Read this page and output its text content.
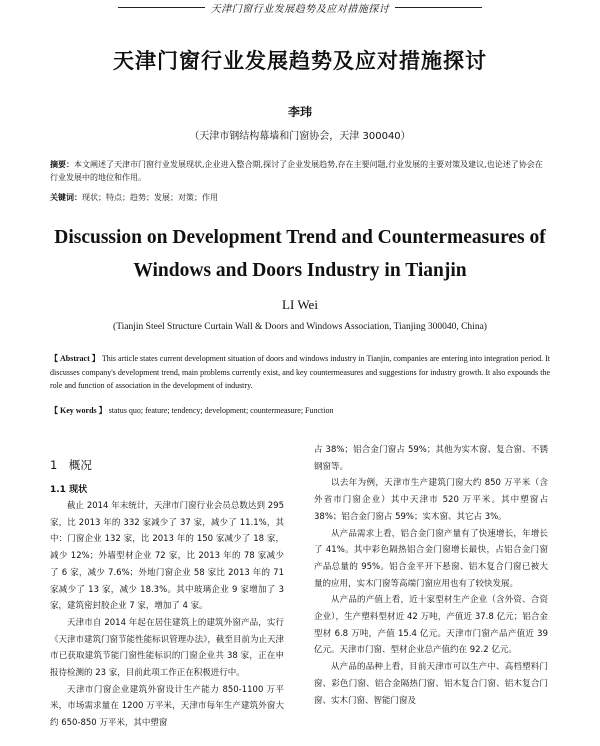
天津门窗行业发展趋势及应对措施探讨
天津门窗行业发展趋势及应对措施探讨
李玮
（天津市钢结构幕墙和门窗协会，天津 300040）
摘要：本文阐述了天津市门窗行业发展现状,企业进入整合期,探讨了企业发展趋势,存在主要问题,行业发展的主要对策及建议,也论述了协会在行业发展中的地位和作用。
关键词：现状；特点；趋势；发展；对策；作用
Discussion on Development Trend and Countermeasures of Windows and Doors Industry in Tianjin
LI Wei
(Tianjin Steel Structure Curtain Wall & Doors and Windows Association, Tianjing 300040, China)
【 Abstract 】 This article states current development situation of doors and windows industry in Tianjin, companies are entering into integration period. It discusses company's development trend, main problems currently exist, and key countermeasures and suggestions for industry growth. It also expounds the role and function of association in the development of industry.
【 Key words 】 status quo; feature; tendency; development; countermeasure; Function
1　概况
1.1 现状

截止 2014 年末统计，天津市门窗行业会员总数达到 295 家，比 2013 年的 332 家减少了 37 家，减少了 11.1%，其中：门窗企业 132 家，比 2013 年的 150 家减少了 18 家，减少 12%；外墙型材企业 72 家，比 2013 年的 78 家减少了 6 家，减少 7.6%；外地门窗企业 58 家比 2013 年的 71 家减少了 13 家，减少 18.3%。其中玻璃企业 9 家增加了 3 家，建筑密封胶企业 7 家，增加了 4 家。

天津市自 2014 年起在居住建筑上的建筑外窗产品，实行《天津市建筑门窗节能性能标识管理办法》，截至目前为止天津市已获取建筑节能门窗性能标识的门窗企业共 38 家，正在申报待检测的 23 家，目前此项工作正在积极进行中。

天津市门窗企业建筑外窗设计生产能力 850-1100 万平米，市场需求量在 1200 万平米，天津市每年生产建筑外窗大约 650-850 万平米，其中塑窗

占 38%；铝合金门窗占 59%；其他为实木窗、复合窗、不锈钢窗等。

以去年为例，天津市生产建筑门窗大约 850 万平米（含外省市门窗企业）其中天津市 520 万平米。其中塑窗占 38%；铝合金门窗占 59%；实木窗、其它占 3%。

从产品需求上看，铝合金门窗产量有了快速增长，年增长了 41%。其中彩色隔热铝合金门窗增长最快，占铝合金门窗产品总量的 95%。铝合金平开下悬窗、铝木复合门窗已被大量的应用，实木门窗等高端门窗应用也有了较快发展。

从产品的产值上看，近十家型材生产企业（含外资、合资企业），生产塑料型材近 42 万吨，产值近 37.8 亿元；铝合金型材 6.8 万吨，产值 15.4 亿元。天津市门窗产品产值近 39 亿元。天津市门窗、型材企业总产值约在 92.2 亿元。

从产品的品种上看，目前天津市可以生产中、高档塑料门窗、彩色门窗、铝合金隔热门窗、铝木复合门窗、铝木复合门窗、实木门窗、智能门窗及
